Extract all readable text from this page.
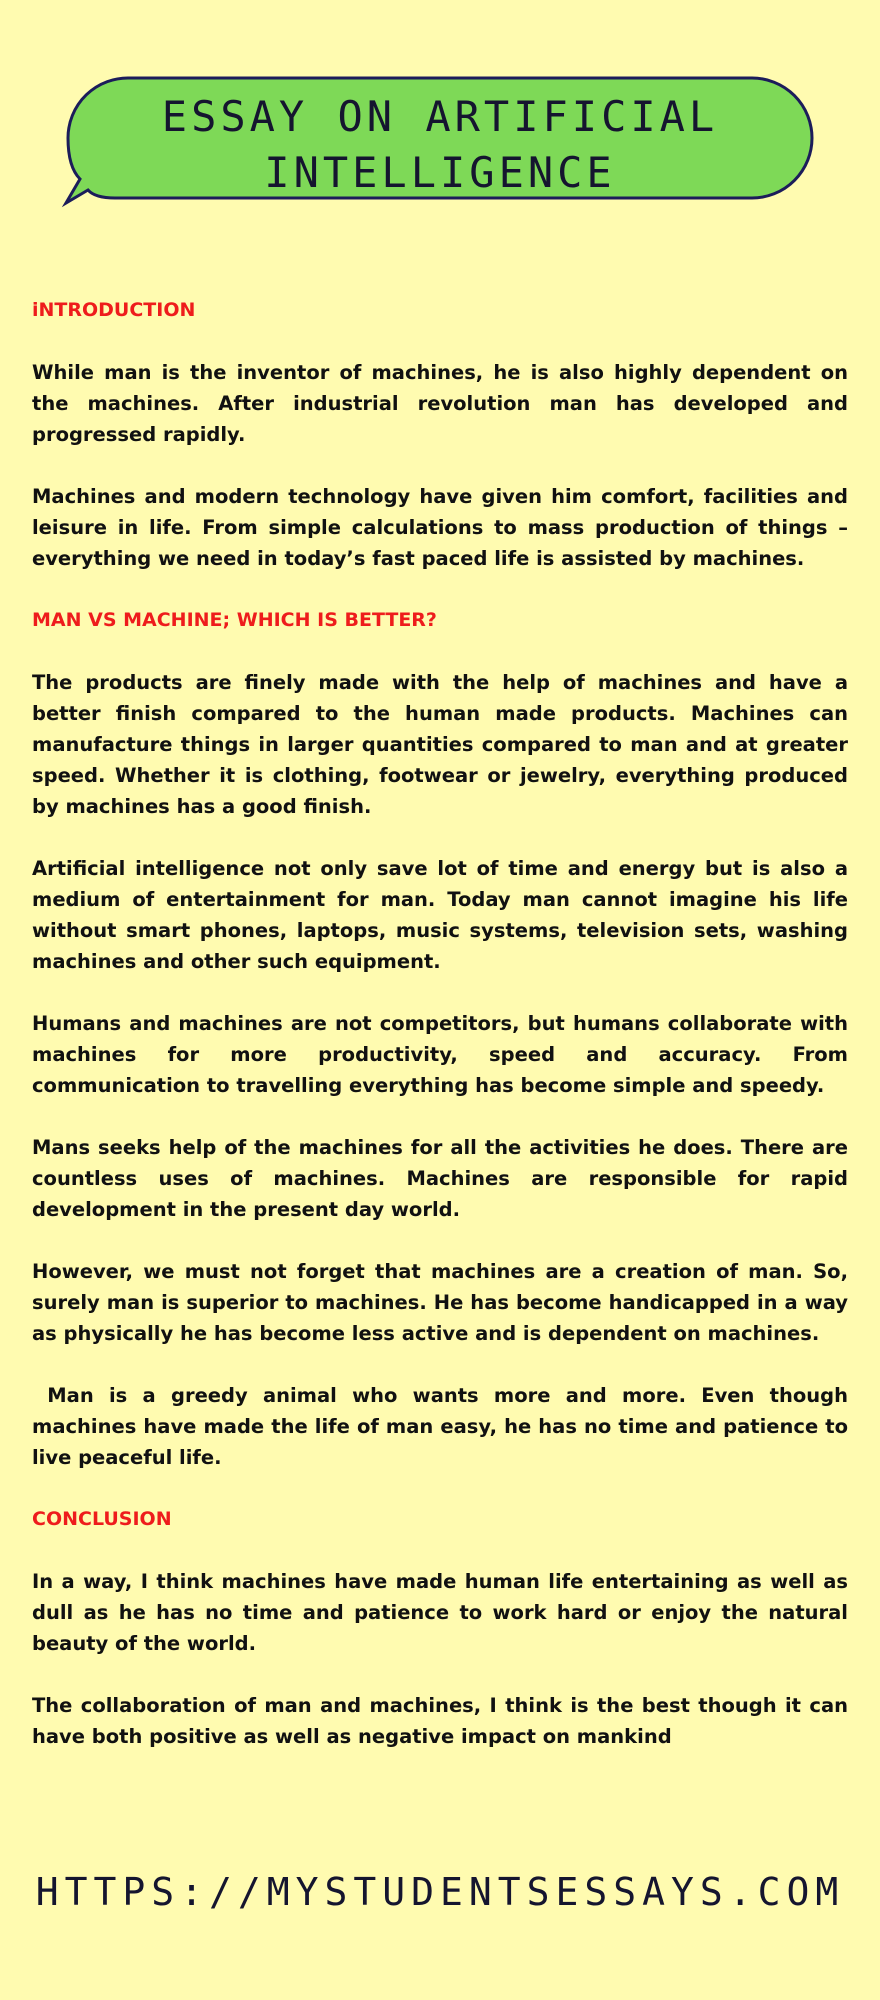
ESSAY ON ARTIFICIAL
INTELLIGENCE
iNTRODUCTION
While man is the inventor of machines, he is also highly dependent on the machines. After industrial revolution man has developed and progressed rapidly.
Machines and modern technology have given him comfort, facilities and leisure in life. From simple calculations to mass production of things – everything we need in today’s fast paced life is assisted by machines.
MAN VS MACHINE; WHICH IS BETTER?
The products are finely made with the help of machines and have a better finish compared to the human made products. Machines can manufacture things in larger quantities compared to man and at greater speed. Whether it is clothing, footwear or jewelry, everything produced by machines has a good finish.
Artificial intelligence not only save lot of time and energy but is also a medium of entertainment for man. Today man cannot imagine his life without smart phones, laptops, music systems, television sets, washing machines and other such equipment.
Humans and machines are not competitors, but humans collaborate with machines for more productivity, speed and accuracy. From communication to travelling everything has become simple and speedy.
Mans seeks help of the machines for all the activities he does. There are countless uses of machines. Machines are responsible for rapid development in the present day world.
However, we must not forget that machines are a creation of man. So, surely man is superior to machines. He has become handicapped in a way as physically he has become less active and is dependent on machines.
Man is a greedy animal who wants more and more. Even though machines have made the life of man easy, he has no time and patience to live peaceful life.
CONCLUSION
In a way, I think machines have made human life entertaining as well as dull as he has no time and patience to work hard or enjoy the natural beauty of the world.
The collaboration of man and machines, I think is the best though it can have both positive as well as negative impact on mankind
HTTPS://MYSTUDENTSESSAYS.COM
